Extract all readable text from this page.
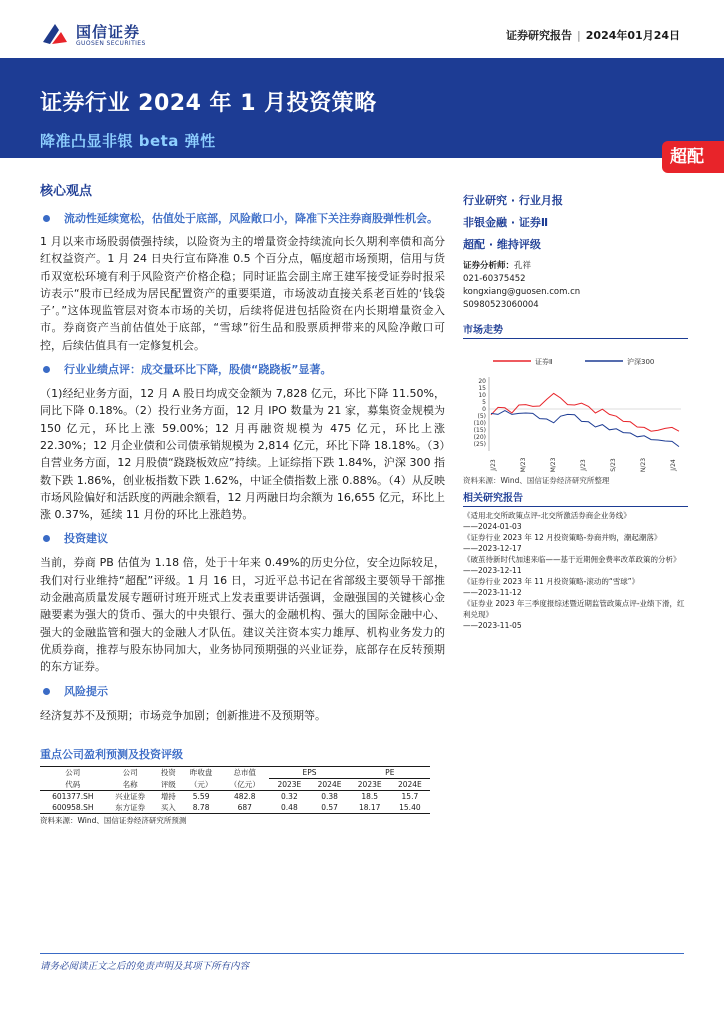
国信证券
GUOSEN SECURITIES
证券研究报告 | 2024年01月24日
证券行业 2024 年 1 月投资策略
降准凸显非银 beta 弹性
超配
核心观点
流动性延续宽松，估值处于底部，风险敞口小，降准下关注券商股弹性机会。
1 月以来市场股弱债强持续，以险资为主的增量资金持续流向长久期利率债和高分红权益资产。1 月 24 日央行宣布降准 0.5 个百分点，幅度超市场预期，信用与货币双宽松环境有利于风险资产价格企稳；同时证监会副主席王建军接受证券时报采访表示“股市已经成为居民配置资产的重要渠道，市场波动直接关系老百姓的‘钱袋子’。”这体现监管层对资本市场的关切，后续将促进包括险资在内长期增量资金入市。券商资产当前估值处于底部，“雪球”衍生品和股票质押带来的风险净敞口可控，后续估值具有一定修复机会。
行业业绩点评：成交量环比下降，股债“跷跷板”显著。
（1)经纪业务方面，12 月 A 股日均成交金额为 7,828 亿元，环比下降 11.50%，同比下降 0.18%。（2）投行业务方面，12 月 IPO 数量为 21 家，募集资金规模为 150 亿元，环比上涨 59.00%；12 月再融资规模为 475 亿元，环比上涨 22.30%；12 月企业债和公司债承销规模为 2,814 亿元，环比下降 18.18%。（3）自营业务方面，12 月股债“跷跷板效应”持续。上证综指下跌 1.84%，沪深 300 指数下跌 1.86%，创业板指数下跌 1.62%，中证全债指数上涨 0.88%。（4）从反映市场风险偏好和活跃度的两融余额看，12 月两融日均余额为 16,655 亿元，环比上涨 0.37%，延续 11 月份的环比上涨趋势。
投资建议
当前，券商 PB 估值为 1.18 倍，处于十年来 0.49%的历史分位，安全边际较足，我们对行业维持“超配”评级。1 月 16 日，习近平总书记在省部级主要领导干部推动金融高质量发展专题研讨班开班式上发表重要讲话强调，金融强国的关键核心金融要素为强大的货币、强大的中央银行、强大的金融机构、强大的国际金融中心、强大的金融监管和强大的金融人才队伍。建议关注资本实力雄厚、机构业务发力的优质券商，推荐与股东协同加大，业务协同预期强的兴业证券，底部存在反转预期的东方证券。
风险提示
经济复苏不及预期；市场竞争加剧；创新推进不及预期等。
行业研究 · 行业月报
非银金融 · 证券Ⅱ
超配 · 维持评级
证券分析师：孔祥
021-60375452
kongxiang@guosen.com.cn
S0980523060004
市场走势
证券Ⅱ	沪深300
20
15
10
5
0
(5)
(10)
(15)
(20)
(25)
J/23	M/23	M/23	J/23	S/23	N/23	J/24
资料来源：Wind、国信证券经济研究所整理
相关研究报告
《适用北交所政策点评-北交所激活券商企业务线》
——2024-01-03
《证券行业 2023 年 12 月投资策略-券商并购，潮起潮落》
——2023-12-17
《破茧待新时代加速来临——基于近期佣金费率改革政策的分析》
——2023-12-11
《证券行业 2023 年 11 月投资策略-滚动的“雪球”》
——2023-11-12
《证券业 2023 年三季度报综述暨近期监管政策点评-业绩下滑，红利兑现》
——2023-11-05
重点公司盈利预测及投资评级
公司	公司	投资	昨收盘	总市值	EPS		PE	
代码	名称	评级	（元）	（亿元）	2023E	2024E	2023E	2024E
601377.SH	兴业证券	增持	5.59	482.8	0.32	0.38	18.5	15.7
600958.SH	东方证券	买入	8.78	687	0.48	0.57	18.17	15.40
资料来源：Wind、国信证券经济研究所预测
请务必阅读正文之后的免责声明及其项下所有内容
